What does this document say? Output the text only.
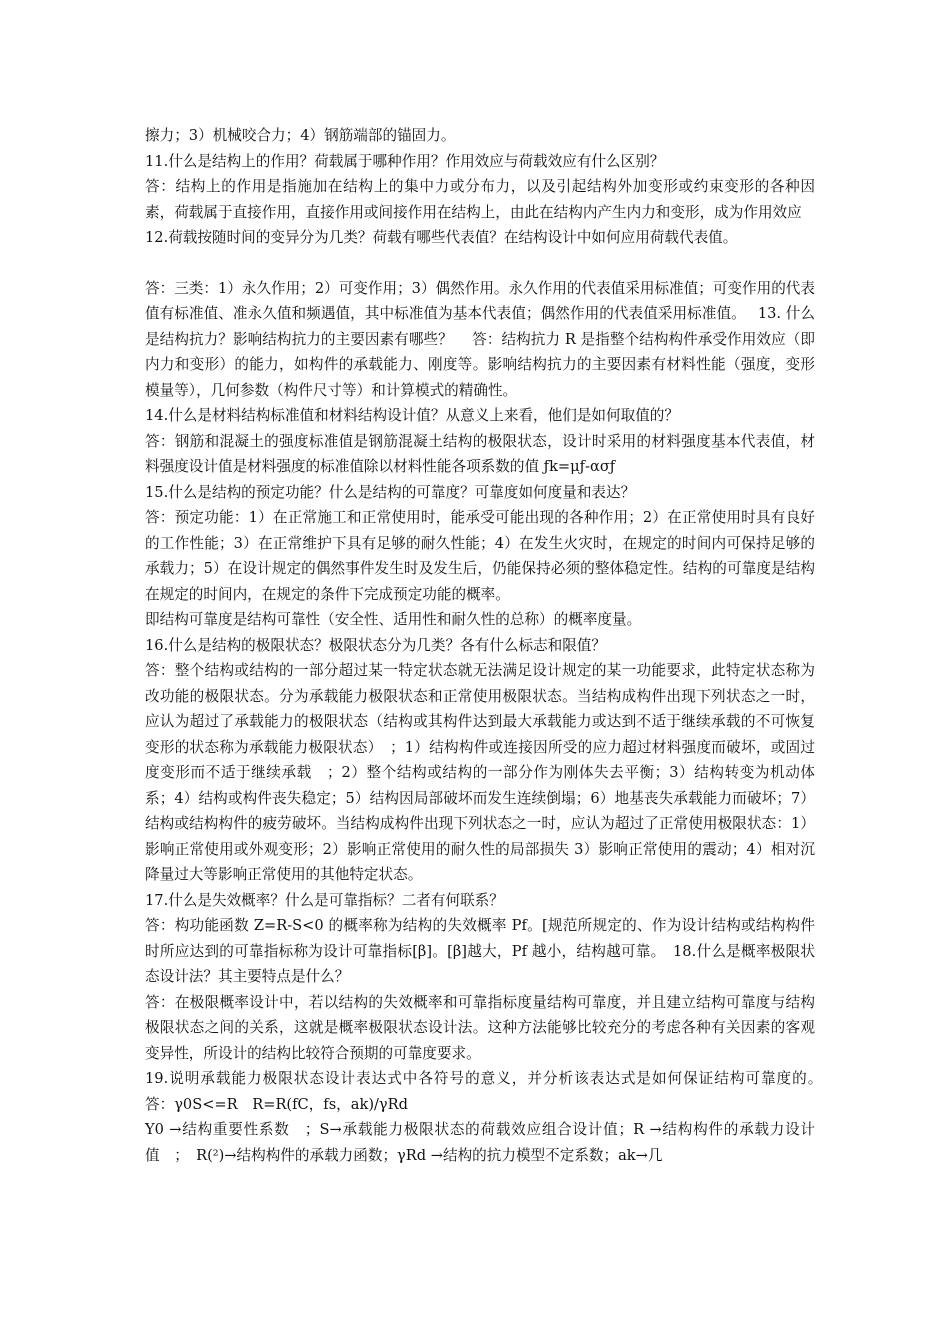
擦力；3）机械咬合力；4）钢筋端部的锚固力。

11.什么是结构上的作用？荷载属于哪种作用？作用效应与荷载效应有什么区别？

答：结构上的作用是指施加在结构上的集中力或分布力，以及引起结构外加变形或约束变形的各种因素，荷载属于直接作用，直接作用或间接作用在结构上，由此在结构内产生内力和变形，成为作用效应

12.荷载按随时间的变异分为几类？荷载有哪些代表值？在结构设计中如何应用荷载代表值。

答：三类：1）永久作用；2）可变作用；3）偶然作用。永久作用的代表值采用标准值；可变作用的代表值有标准值、准永久值和频遇值，其中标准值为基本代表值；偶然作用的代表值采用标准值。　 13. 什么是结构抗力？影响结构抗力的主要因素有哪些？　 答：结构抗力 R 是指整个结构构件承受作用效应（即内力和变形）的能力，如构件的承载能力、刚度等。影响结构抗力的主要因素有材料性能（强度，变形模量等），几何参数（构件尺寸等）和计算模式的精确性。

14.什么是材料结构标准值和材料结构设计值？从意义上来看，他们是如何取值的？

答：钢筋和混凝土的强度标准值是钢筋混凝土结构的极限状态，设计时采用的材料强度基本代表值，材料强度设计值是材料强度的标准值除以材料性能各项系数的值 ƒk=μƒ-ασƒ

15.什么是结构的预定功能？什么是结构的可靠度？可靠度如何度量和表达？

答：预定功能：1）在正常施工和正常使用时，能承受可能出现的各种作用；2）在正常使用时具有良好的工作性能；3）在正常维护下具有足够的耐久性能；4）在发生火灾时，在规定的时间内可保持足够的承载力；5）在设计规定的偶然事件发生时及发生后，仍能保持必须的整体稳定性。结构的可靠度是结构在规定的时间内，在规定的条件下完成预定功能的概率。

即结构可靠度是结构可靠性（安全性、适用性和耐久性的总称）的概率度量。

16.什么是结构的极限状态？极限状态分为几类？各有什么标志和限值？

答：整个结构或结构的一部分超过某一特定状态就无法满足设计规定的某一功能要求，此特定状态称为改功能的极限状态。分为承载能力极限状态和正常使用极限状态。当结构成构件出现下列状态之一时，应认为超过了承载能力的极限状态（结构或其构件达到最大承载能力或达到不适于继续承载的不可恢复变形的状态称为承载能力极限状态）　；1）结构构件或连接因所受的应力超过材料强度而破坏，或固过度变形而不适于继续承载　；2）整个结构或结构的一部分作为刚体失去平衡；3）结构转变为机动体系；4）结构或构件丧失稳定；5）结构因局部破坏而发生连续倒塌；6）地基丧失承载能力而破坏；7）结构或结构构件的疲劳破坏。当结构成构件出现下列状态之一时，应认为超过了正常使用极限状态：1）影响正常使用或外观变形；2）影响正常使用的耐久性的局部损失 3）影响正常使用的震动；4）相对沉降量过大等影响正常使用的其他特定状态。

17.什么是失效概率？什么是可靠指标？二者有何联系？

答：构功能函数 Z=R-S<0 的概率称为结构的失效概率 Pf。[规范所规定的、作为设计结构或结构构件时所应达到的可靠指标称为设计可靠指标[β]。[β]越大，Pf 越小，结构越可靠。　18.什么是概率极限状态设计法？其主要特点是什么？

答：在极限概率设计中，若以结构的失效概率和可靠指标度量结构可靠度，并且建立结构可靠度与结构极限状态之间的关系，这就是概率极限状态设计法。这种方法能够比较充分的考虑各种有关因素的客观变异性，所设计的结构比较符合预期的可靠度要求。

19.说明承载能力极限状态设计表达式中各符号的意义，并分析该表达式是如何保证结构可靠度的。　 答：γ0S<=R　R=R(fC，fs，ak)/γRd

Y0 →结构重要性系数　；S→承载能力极限状态的荷载效应组合设计值；R →结构构件的承载力设计值　；　R(²)→结构构件的承载力函数；γRd →结构的抗力模型不定系数；ak→几
